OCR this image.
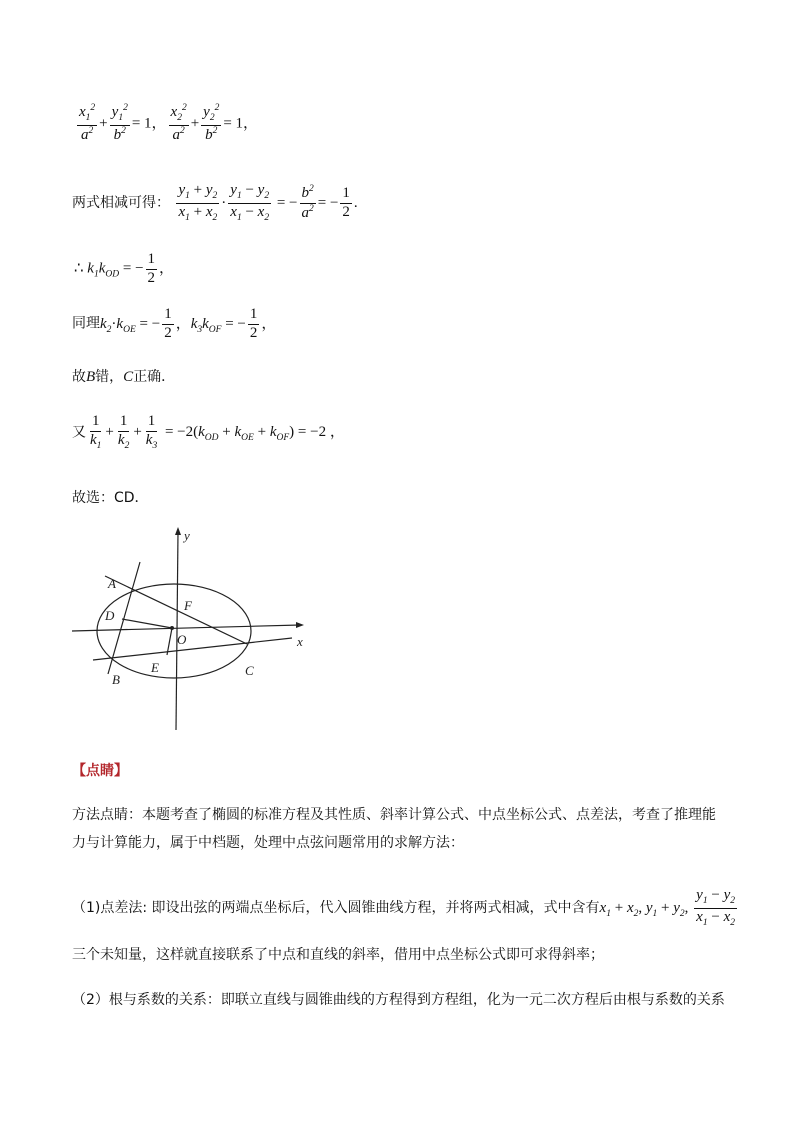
$\frac{x_1^2}{a^2} + \frac{y_1^2}{b^2} = 1$， $\frac{x_2^2}{a^2} + \frac{y_2^2}{b^2} = 1$，
两式相减可得： $\frac{y_1 + y_2}{x_1 + x_2} \cdot \frac{y_1 - y_2}{x_1 - x_2}$ = − $\frac{b^2}{a^2}$ = − $\frac{1}{2}$ .
∴ $k_1k_{OD}$ = − $\frac{1}{2}$ ，
同理$k_2\cdot k_{OE}$ = − $\frac{1}{2}$ ，$k_3k_{OF}$ = − $\frac{1}{2}$ ，
故B错，C正确．
又 $\frac{1}{k_1} + \frac{1}{k_2} + \frac{1}{k_3} = -2(k_{OD} + k_{OE} + k_{OF}) = -2$ ，
故选：CD．
y
x
A
D
F
O
E
B
C
【点睛】
方法点睛：本题考查了椭圆的标准方程及其性质、斜率计算公式、中点坐标公式、点差法，考查了推理能力与计算能力，属于中档题，处理中点弦问题常用的求解方法：
（1)点差法: 即设出弦的两端点坐标后，代入圆锥曲线方程，并将两式相减，式中含有$x_1 + x_2$, $y_1 + y_2$, $\frac{y_1 - y_2}{x_1 - x_2}$
三个未知量，这样就直接联系了中点和直线的斜率，借用中点坐标公式即可求得斜率；
（2）根与系数的关系：即联立直线与圆锥曲线的方程得到方程组，化为一元二次方程后由根与系数的关系
